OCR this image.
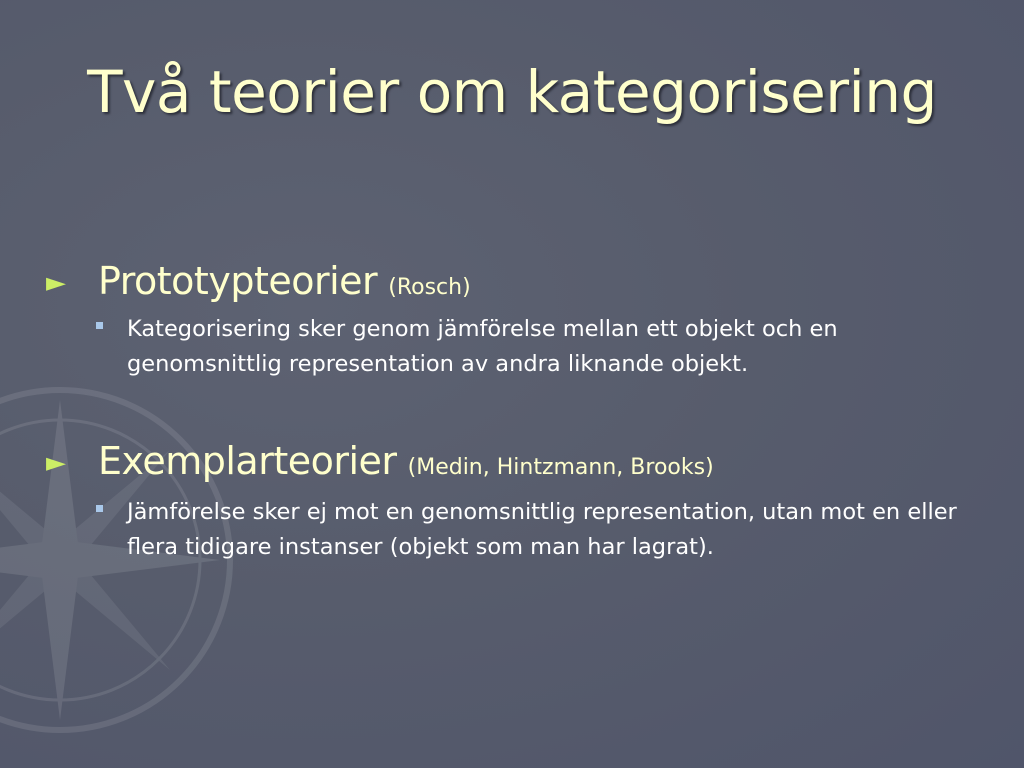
Två teorier om kategorisering
► Prototypteorier (Rosch)
Kategorisering sker genom jämförelse mellan ett objekt och en genomsnittlig representation av andra liknande objekt.
► Exemplarteorier (Medin, Hintzmann, Brooks)
Jämförelse sker ej mot en genomsnittlig representation, utan mot en eller flera tidigare instanser (objekt som man har lagrat).
